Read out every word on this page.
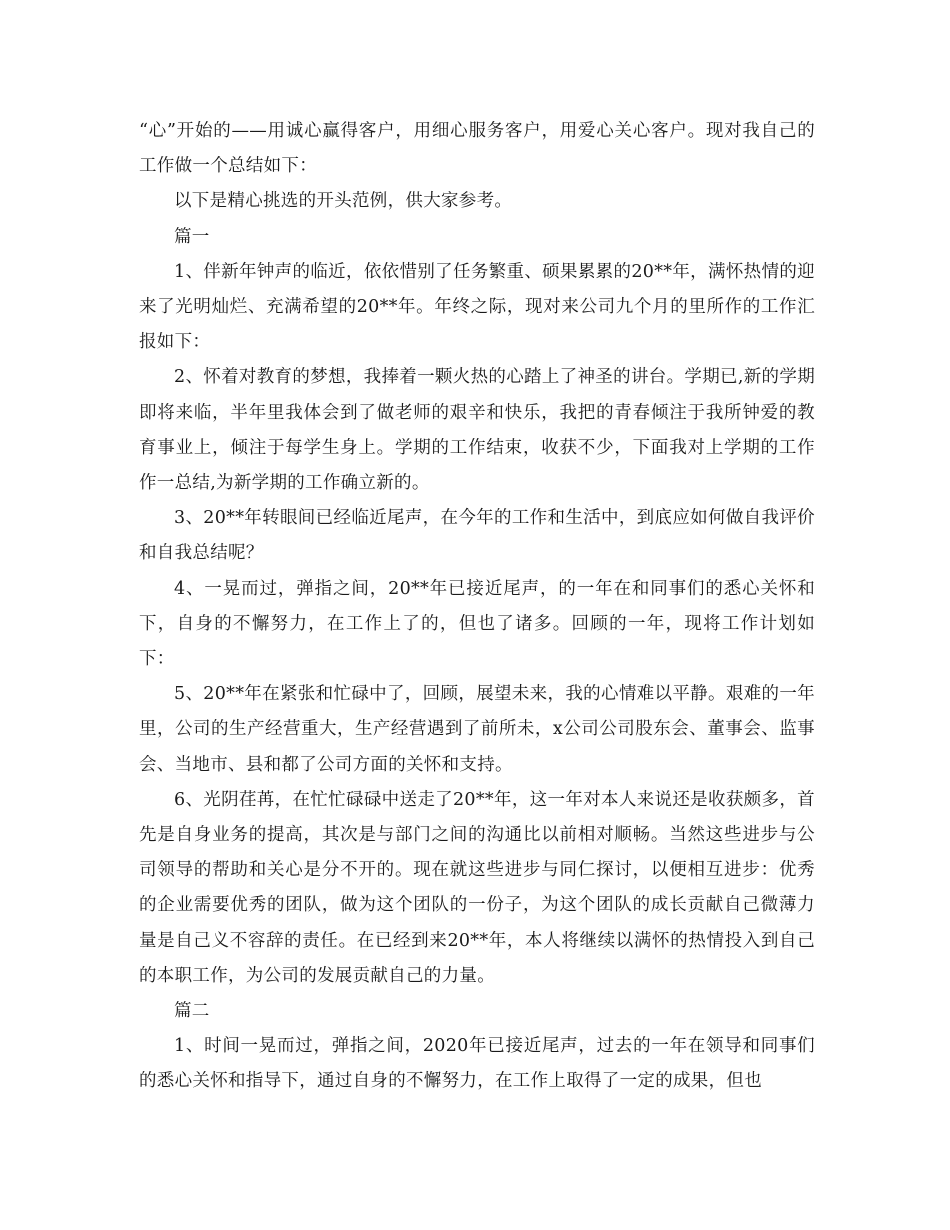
“心”开始的——用诚心赢得客户，用细心服务客户，用爱心关心客户。现对我自己的工作做一个总结如下：

以下是精心挑选的开头范例，供大家参考。

篇一

1、伴新年钟声的临近，依依惜别了任务繁重、硕果累累的20**年，满怀热情的迎来了光明灿烂、充满希望的20**年。年终之际，现对来公司九个月的里所作的工作汇报如下：

2、怀着对教育的梦想，我捧着一颗火热的心踏上了神圣的讲台。学期已,新的学期即将来临，半年里我体会到了做老师的艰辛和快乐，我把的青春倾注于我所钟爱的教育事业上，倾注于每学生身上。学期的工作结束，收获不少，下面我对上学期的工作作一总结,为新学期的工作确立新的。

3、20**年转眼间已经临近尾声，在今年的工作和生活中，到底应如何做自我评价和自我总结呢？

4、一晃而过，弹指之间，20**年已接近尾声，的一年在和同事们的悉心关怀和下，自身的不懈努力，在工作上了的，但也了诸多。回顾的一年，现将工作计划如下：

5、20**年在紧张和忙碌中了，回顾，展望未来，我的心情难以平静。艰难的一年里，公司的生产经营重大，生产经营遇到了前所未，x公司公司股东会、董事会、监事会、当地市、县和都了公司方面的关怀和支持。

6、光阴荏苒，在忙忙碌碌中送走了20**年，这一年对本人来说还是收获颇多，首先是自身业务的提高，其次是与部门之间的沟通比以前相对顺畅。当然这些进步与公司领导的帮助和关心是分不开的。现在就这些进步与同仁探讨，以便相互进步：优秀的企业需要优秀的团队，做为这个团队的一份子，为这个团队的成长贡献自己微薄力量是自己义不容辞的责任。在已经到来20**年，本人将继续以满怀的热情投入到自己的本职工作，为公司的发展贡献自己的力量。

篇二

1、时间一晃而过，弹指之间，2020年已接近尾声，过去的一年在领导和同事们的悉心关怀和指导下，通过自身的不懈努力，在工作上取得了一定的成果，但也
